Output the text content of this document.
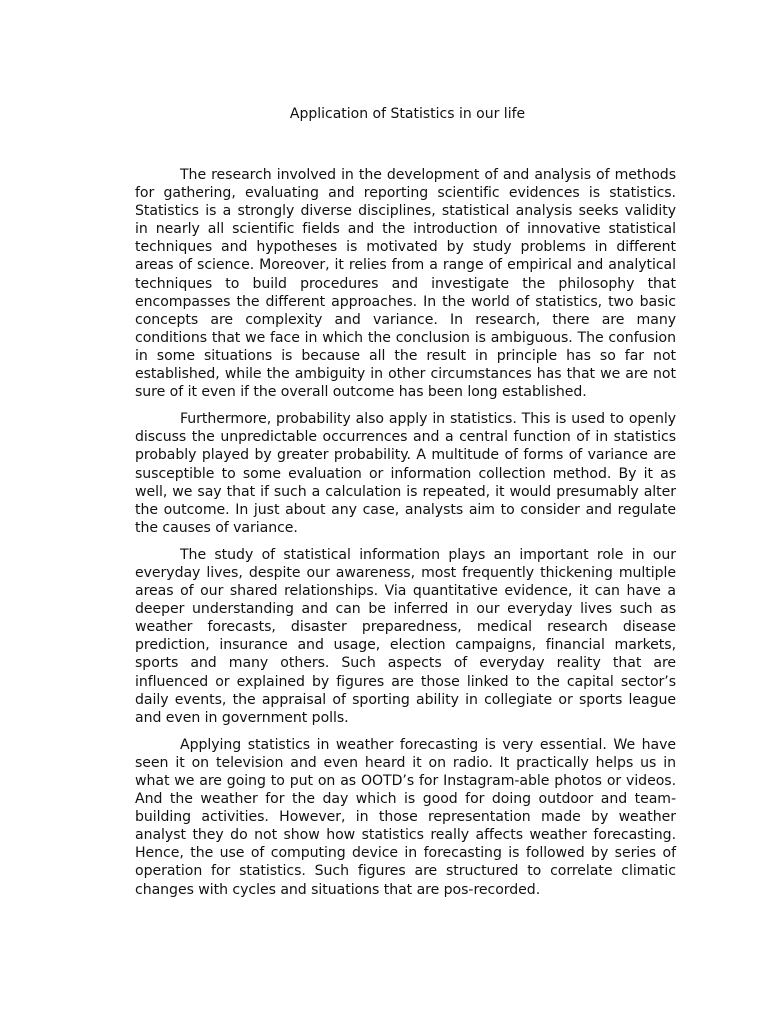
Application of Statistics in our life

The research involved in the development of and analysis of methods for gathering, evaluating and reporting scientific evidences is statistics. Statistics is a strongly diverse disciplines, statistical analysis seeks validity in nearly all scientific fields and the introduction of innovative statistical techniques and hypotheses is motivated by study problems in different areas of science. Moreover, it relies from a range of empirical and analytical techniques to build procedures and investigate the philosophy that encompasses the different approaches. In the world of statistics, two basic concepts are complexity and variance. In research, there are many conditions that we face in which the conclusion is ambiguous. The confusion in some situations is because all the result in principle has so far not established, while the ambiguity in other circumstances has that we are not sure of it even if the overall outcome has been long established.

Furthermore, probability also apply in statistics. This is used to openly discuss the unpredictable occurrences and a central function of in statistics probably played by greater probability. A multitude of forms of variance are susceptible to some evaluation or information collection method. By it as well, we say that if such a calculation is repeated, it would presumably alter the outcome. In just about any case, analysts aim to consider and regulate the causes of variance.

The study of statistical information plays an important role in our everyday lives, despite our awareness, most frequently thickening multiple areas of our shared relationships. Via quantitative evidence, it can have a deeper understanding and can be inferred in our everyday lives such as weather forecasts, disaster preparedness, medical research disease prediction, insurance and usage, election campaigns, financial markets, sports and many others. Such aspects of everyday reality that are influenced or explained by figures are those linked to the capital sector’s daily events, the appraisal of sporting ability in collegiate or sports league and even in government polls.

Applying statistics in weather forecasting is very essential. We have seen it on television and even heard it on radio. It practically helps us in what we are going to put on as OOTD’s for Instagram-able photos or videos. And the weather for the day which is good for doing outdoor and team-building activities. However, in those representation made by weather analyst they do not show how statistics really affects weather forecasting. Hence, the use of computing device in forecasting is followed by series of operation for statistics. Such figures are structured to correlate climatic changes with cycles and situations that are pos-recorded.
